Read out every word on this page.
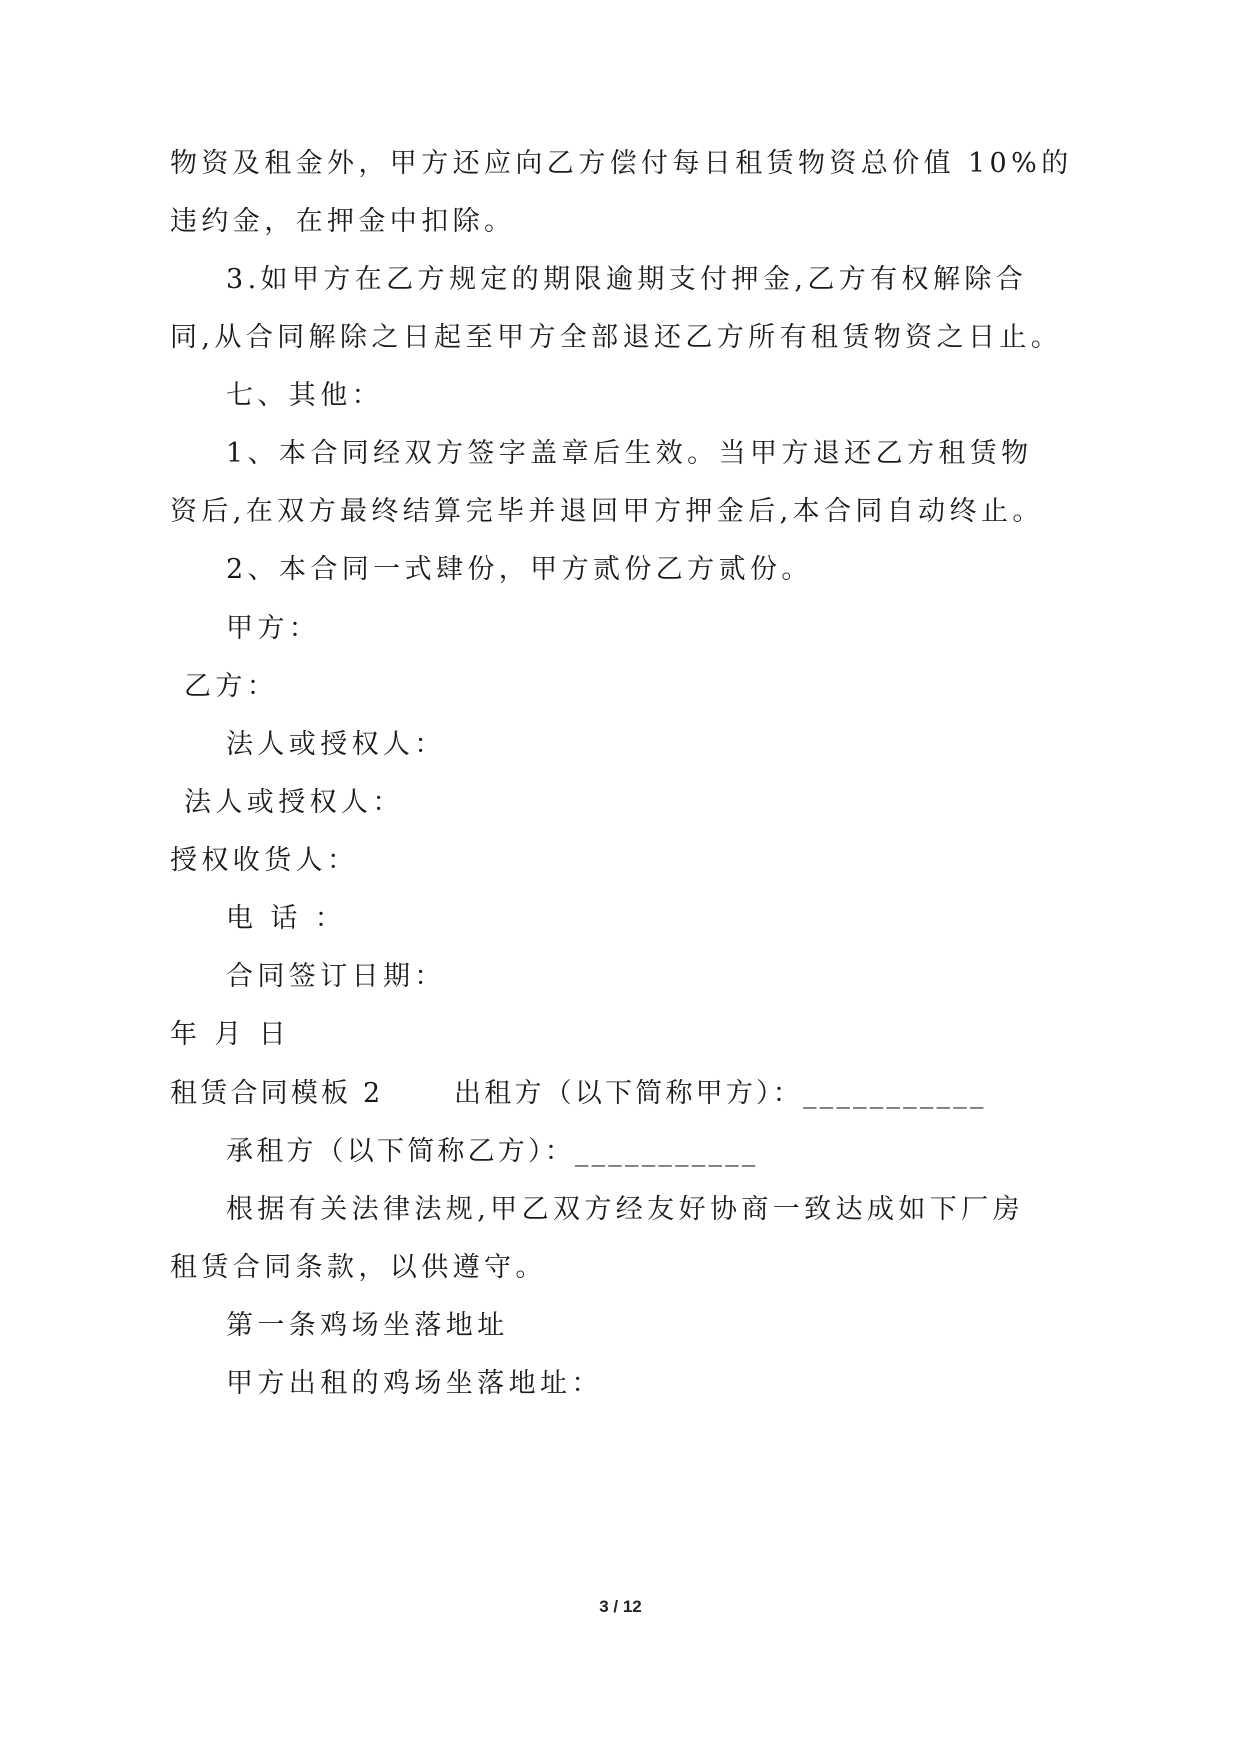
物资及租金外，甲方还应向乙方偿付每日租赁物资总价值 10%的
违约金，在押金中扣除。
3.如甲方在乙方规定的期限逾期支付押金,乙方有权解除合
同,从合同解除之日起至甲方全部退还乙方所有租赁物资之日止。
七、其他：
1、本合同经双方签字盖章后生效。当甲方退还乙方租赁物
资后,在双方最终结算完毕并退回甲方押金后,本合同自动终止。
2、本合同一式肆份，甲方贰份乙方贰份。
甲方：
乙方：
法人或授权人：
法人或授权人：
授权收货人：
电 话 ：
合同签订日期：
年 月 日
租赁合同模板 2      出租方（以下简称甲方）：___________
承租方（以下简称乙方）：___________
根据有关法律法规,甲乙双方经友好协商一致达成如下厂房
租赁合同条款，以供遵守。
第一条鸡场坐落地址
甲方出租的鸡场坐落地址：
3 / 12
